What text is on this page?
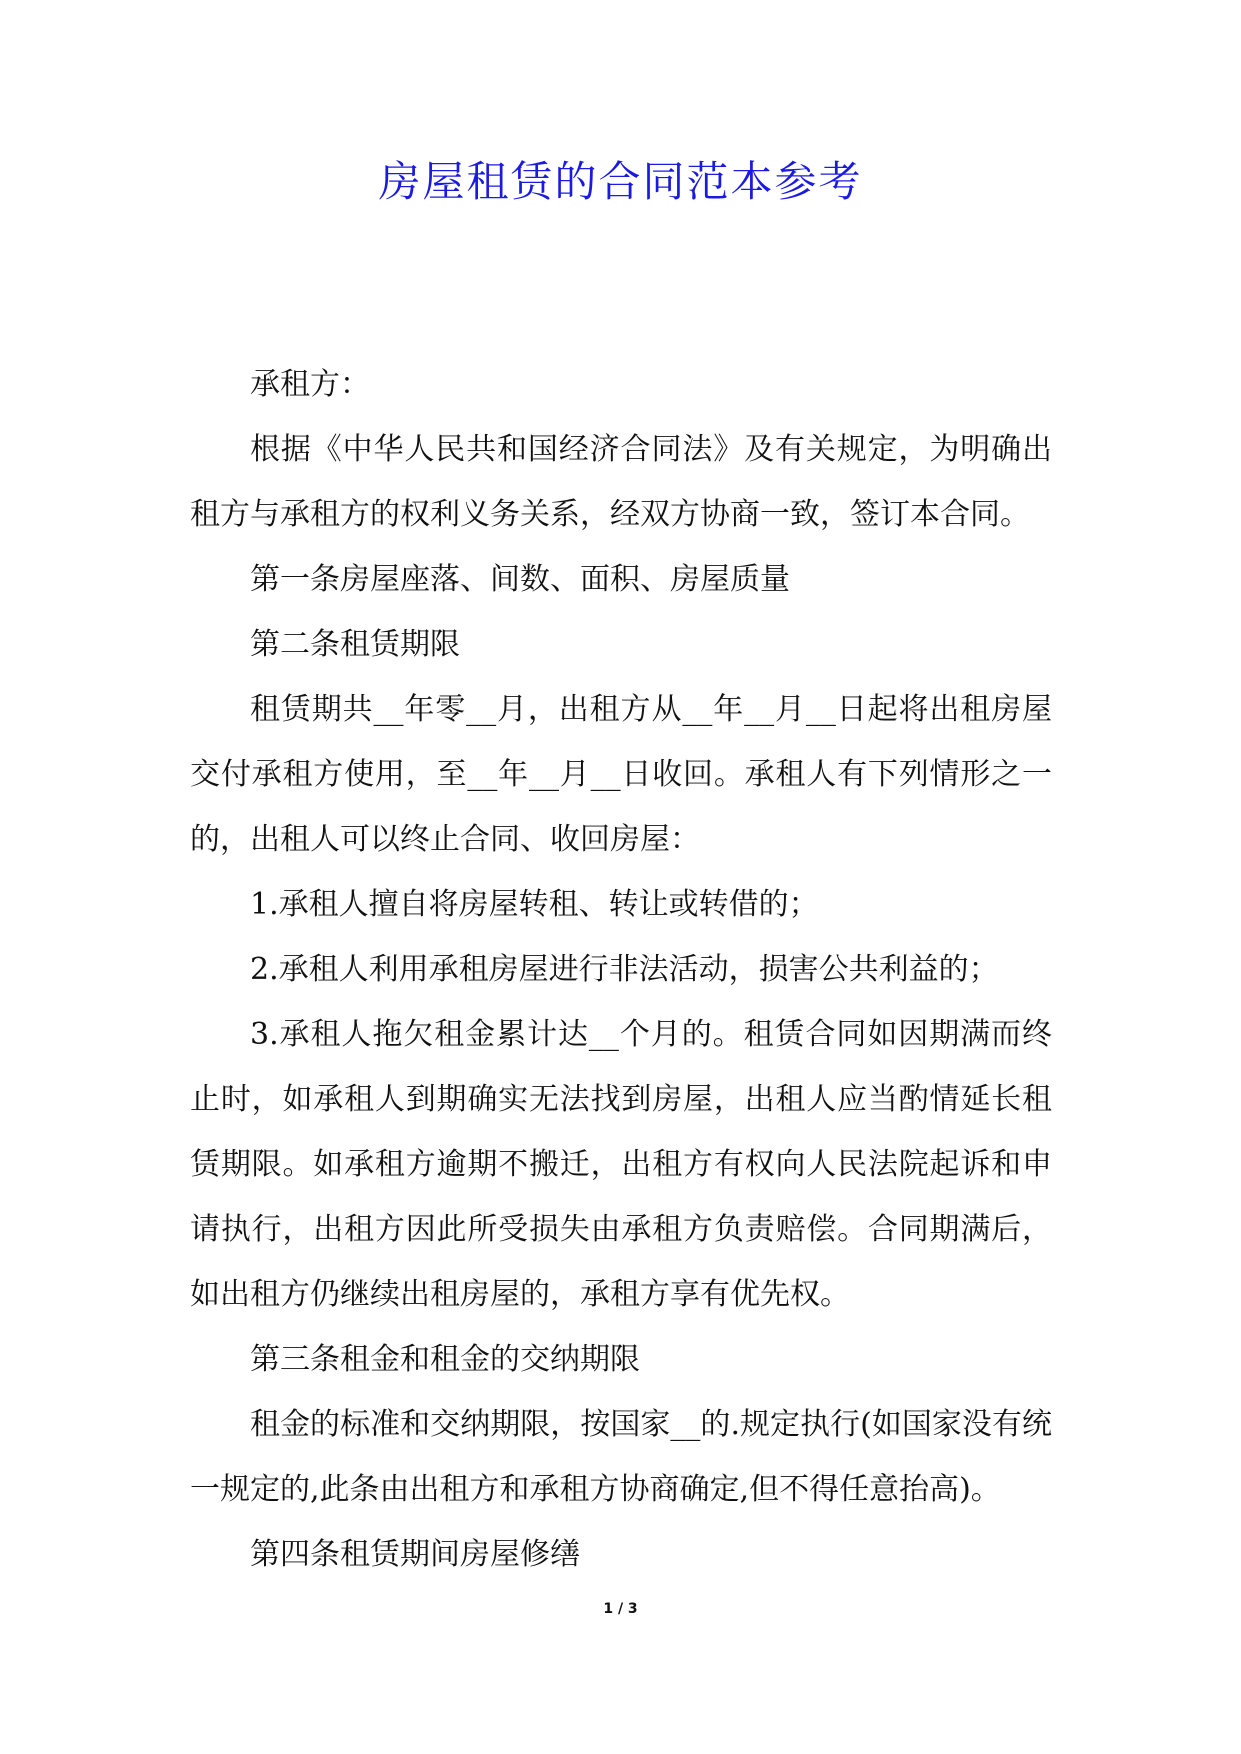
房屋租赁的合同范本参考

承租方：

根据《中华人民共和国经济合同法》及有关规定，为明确出租方与承租方的权利义务关系，经双方协商一致，签订本合同。

第一条房屋座落、间数、面积、房屋质量

第二条租赁期限

租赁期共__年零__月，出租方从__年__月__日起将出租房屋交付承租方使用，至__年__月__日收回。承租人有下列情形之一的，出租人可以终止合同、收回房屋：

1.承租人擅自将房屋转租、转让或转借的；

2.承租人利用承租房屋进行非法活动，损害公共利益的；

3.承租人拖欠租金累计达__个月的。租赁合同如因期满而终止时，如承租人到期确实无法找到房屋，出租人应当酌情延长租赁期限。如承租方逾期不搬迁，出租方有权向人民法院起诉和申请执行，出租方因此所受损失由承租方负责赔偿。合同期满后，如出租方仍继续出租房屋的，承租方享有优先权。

第三条租金和租金的交纳期限

租金的标准和交纳期限，按国家__的.规定执行(如国家没有统一规定的,此条由出租方和承租方协商确定,但不得任意抬高)。

第四条租赁期间房屋修缮

1 / 3
